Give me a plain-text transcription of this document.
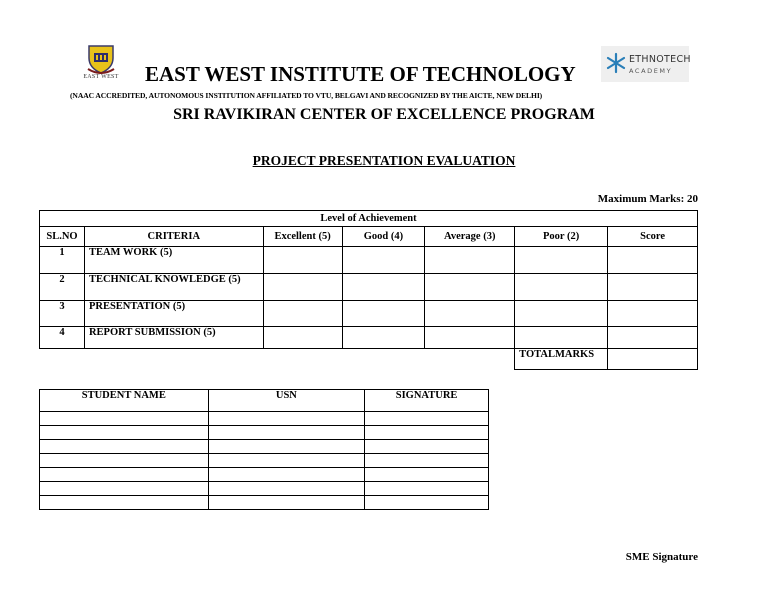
EAST WEST
ETHNOTECH
ACADEMY
EAST WEST INSTITUTE OF TECHNOLOGY
(NAAC ACCREDITED, AUTONOMOUS INSTITUTION AFFILIATED TO VTU, BELGAVI AND RECOGNIZED BY THE AICTE, NEW DELHI)
SRI RAVIKIRAN CENTER OF EXCELLENCE PROGRAM
PROJECT PRESENTATION EVALUATION
Maximum Marks: 20
Level of Achievement						
SL.NO	CRITERIA	Excellent (5)	Good (4)	Average (3)	Poor (2)	Score
1	TEAM WORK (5)					
2	TECHNICAL KNOWLEDGE (5)					
3	PRESENTATION (5)					
4	REPORT SUBMISSION (5)					
					TOTALMARKS	
STUDENT NAME	USN	SIGNATURE

SME Signature
